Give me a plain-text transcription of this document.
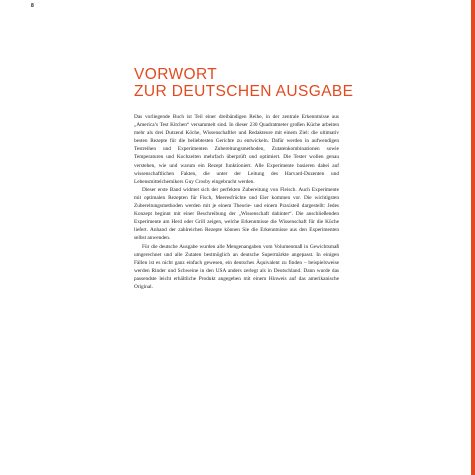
8
VORWORT
ZUR DEUTSCHEN AUSGABE

Das vorliegende Buch ist Teil einer dreibändigen Reihe, in der zentrale Erkenntnisse aus „America’s Test Kitchen“ versammelt sind. In dieser 230 Quadratmeter großen Küche arbeiten mehr als drei Dutzend Köche, Wissenschaftler und Redakteure mit einem Ziel: die ultimativ besten Rezepte für die beliebtesten Gerichte zu entwickeln. Dafür werden in aufwendigen Testreihen und Experimenten Zubereitungsmethoden, Zutatenkombinationen sowie Temperaturen und Kochzeiten mehrfach überprüft und optimiert. Die Tester wollen genau verstehen, wie und warum ein Rezept funktioniert. Alle Experimente basieren dabei auf wissenschaftlichen Fakten, die unter der Leitung des Harvard-Dozenten und Lebensmittelchemikers Guy Crosby eingebracht werden.

Dieser erste Band widmet sich der perfekten Zubereitung von Fleisch. Auch Experimente mit optimalen Rezepten für Fisch, Meeresfrüchte und Eier kommen vor. Die wichtigsten Zubereitungsmethoden werden mit je einem Theorie- und einem Praxisteil dargestellt: Jedes Konzept beginnt mit einer Beschreibung der „Wissenschaft dahinter“. Die anschließenden Experimente am Herd oder Grill zeigen, welche Erkenntnisse die Wissenschaft für die Küche liefert. Anhand der zahlreichen Rezepte können Sie die Erkenntnisse aus den Experimenten selbst anwenden.

Für die deutsche Ausgabe wurden alle Mengenangaben vom Volumenmaß in Gewichtsmaß umgerechnet und alle Zutaten bestmöglich an deutsche Supermärkte angepasst. In einigen Fällen ist es nicht ganz einfach gewesen, ein deutsches Äquivalent zu finden – beispielsweise werden Rinder und Schweine in den USA anders zerlegt als in Deutschland. Dann wurde das passendste leicht erhältliche Produkt angegeben mit einem Hinweis auf das amerikanische Original.
